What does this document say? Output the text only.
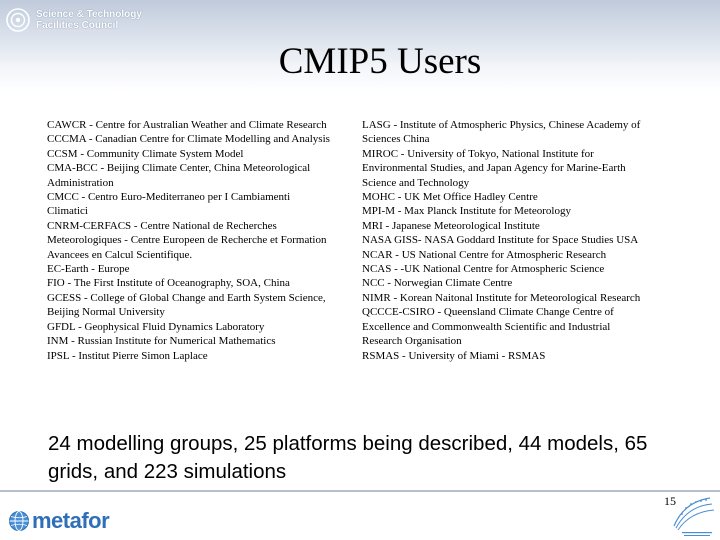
Science & Technology
Facilities Council
CMIP5 Users
CAWCR - Centre for Australian Weather and Climate Research
CCCMA - Canadian Centre for Climate Modelling and Analysis
CCSM - Community Climate System Model
CMA-BCC - Beijing Climate Center, China Meteorological Administration
CMCC - Centro Euro-Mediterraneo per I Cambiamenti Climatici
CNRM-CERFACS - Centre National de Recherches Meteorologiques - Centre Europeen de Recherche et Formation Avancees en Calcul Scientifique.
EC-Earth - Europe
FIO - The First Institute of Oceanography, SOA, China
GCESS - College of Global Change and Earth System Science, Beijing Normal University
GFDL - Geophysical Fluid Dynamics Laboratory
INM - Russian Institute for Numerical Mathematics
IPSL - Institut Pierre Simon Laplace
LASG - Institute of Atmospheric Physics, Chinese Academy of Sciences China
MIROC - University of Tokyo, National Institute for Environmental Studies, and Japan Agency for Marine-Earth Science and Technology
MOHC - UK Met Office Hadley Centre
MPI-M - Max Planck Institute for Meteorology
MRI - Japanese Meteorological Institute
NASA GISS- NASA Goddard Institute for Space Studies USA
NCAR - US National Centre for Atmospheric Research
NCAS - -UK National Centre for Atmospheric Science
NCC - Norwegian Climate Centre
NIMR - Korean Naitonal Institute for Meteorological Research
QCCCE-CSIRO - Queensland Climate Change Centre of Excellence and Commonwealth Scientific and Industrial Research Organisation
RSMAS - University of Miami - RSMAS
24 modelling groups, 25 platforms being described, 44 models, 65 grids, and 223 simulations
15
metafor
